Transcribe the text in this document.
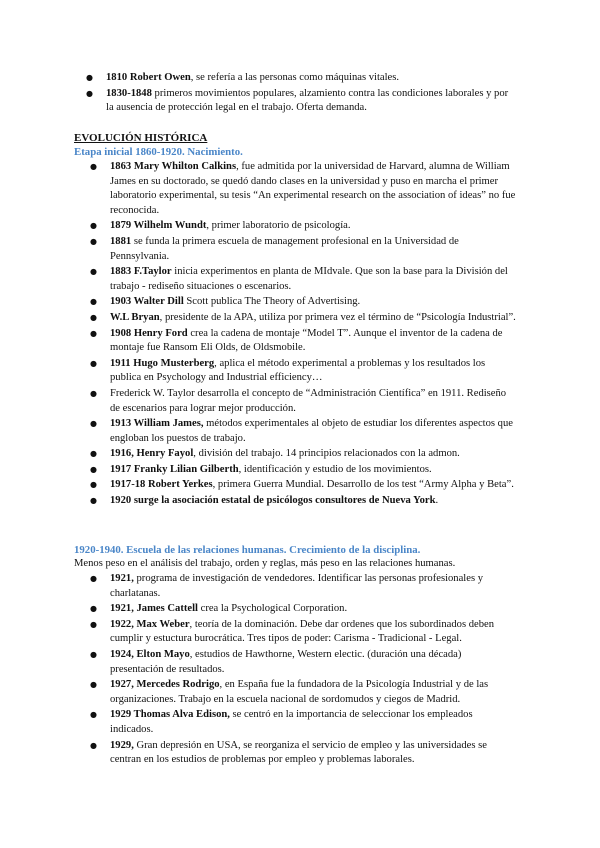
● 1810 Robert Owen, se refería a las personas como máquinas vitales.
● 1830-1848 primeros movimientos populares, alzamiento contra las condiciones laborales y por la ausencia de protección legal en el trabajo. Oferta demanda.
EVOLUCIÓN HISTÓRICA
Etapa inicial 1860-1920. Nacimiento.
● 1863 Mary Whilton Calkins, fue admitida por la universidad de Harvard, alumna de William James en su doctorado, se quedó dando clases en la universidad y puso en marcha el primer laboratorio experimental, su tesis “An experimental research on the association of ideas” no fue reconocida.
● 1879 Wilhelm Wundt, primer laboratorio de psicología.
● 1881 se funda la primera escuela de management profesional en la Universidad de Pennsylvania.
● 1883 F.Taylor inicia experimentos en planta de MIdvale. Que son la base para la División del trabajo - rediseño situaciones o escenarios.
● 1903 Walter Dill Scott publica The Theory of Advertising.
● W.L Bryan, presidente de la APA, utiliza por primera vez el término de “Psicología Industrial”.
● 1908 Henry Ford crea la cadena de montaje “Model T”. Aunque el inventor de la cadena de montaje fue Ransom Eli Olds, de Oldsmobile.
● 1911 Hugo Musterberg, aplica el método experimental a problemas y los resultados los publica en Psychology and Industrial efficiency…
● Frederick W. Taylor desarrolla el concepto de “Administración Científica” en 1911. Rediseño de escenarios para lograr mejor producción.
● 1913 William James, métodos experimentales al objeto de estudiar los diferentes aspectos que engloban los puestos de trabajo.
● 1916, Henry Fayol, división del trabajo. 14 principios relacionados con la admon.
● 1917 Franky Lilian Gilberth, identificación y estudio de los movimientos.
● 1917-18 Robert Yerkes, primera Guerra Mundial. Desarrollo de los test “Army Alpha y Beta”.
● 1920 surge la asociación estatal de psicólogos consultores de Nueva York.
1920-1940. Escuela de las relaciones humanas. Crecimiento de la disciplina.
Menos peso en el análisis del trabajo, orden y reglas, más peso en las relaciones humanas.
● 1921, programa de investigación de vendedores. Identificar las personas profesionales y charlatanas.
● 1921, James Cattell crea la Psychological Corporation.
● 1922, Max Weber, teoría de la dominación. Debe dar ordenes que los subordinados deben cumplir y estuctura burocrática. Tres tipos de poder: Carisma - Tradicional - Legal.
● 1924, Elton Mayo, estudios de Hawthorne, Western electic. (duración una década) presentación de resultados.
● 1927, Mercedes Rodrigo, en España fue la fundadora de la Psicología Industrial y de las organizaciones. Trabajo en la escuela nacional de sordomudos y ciegos de Madrid.
● 1929 Thomas Alva Edison, se centró en la importancia de seleccionar los empleados indicados.
● 1929, Gran depresión en USA, se reorganiza el servicio de empleo y las universidades se centran en los estudios de problemas por empleo y problemas laborales.
